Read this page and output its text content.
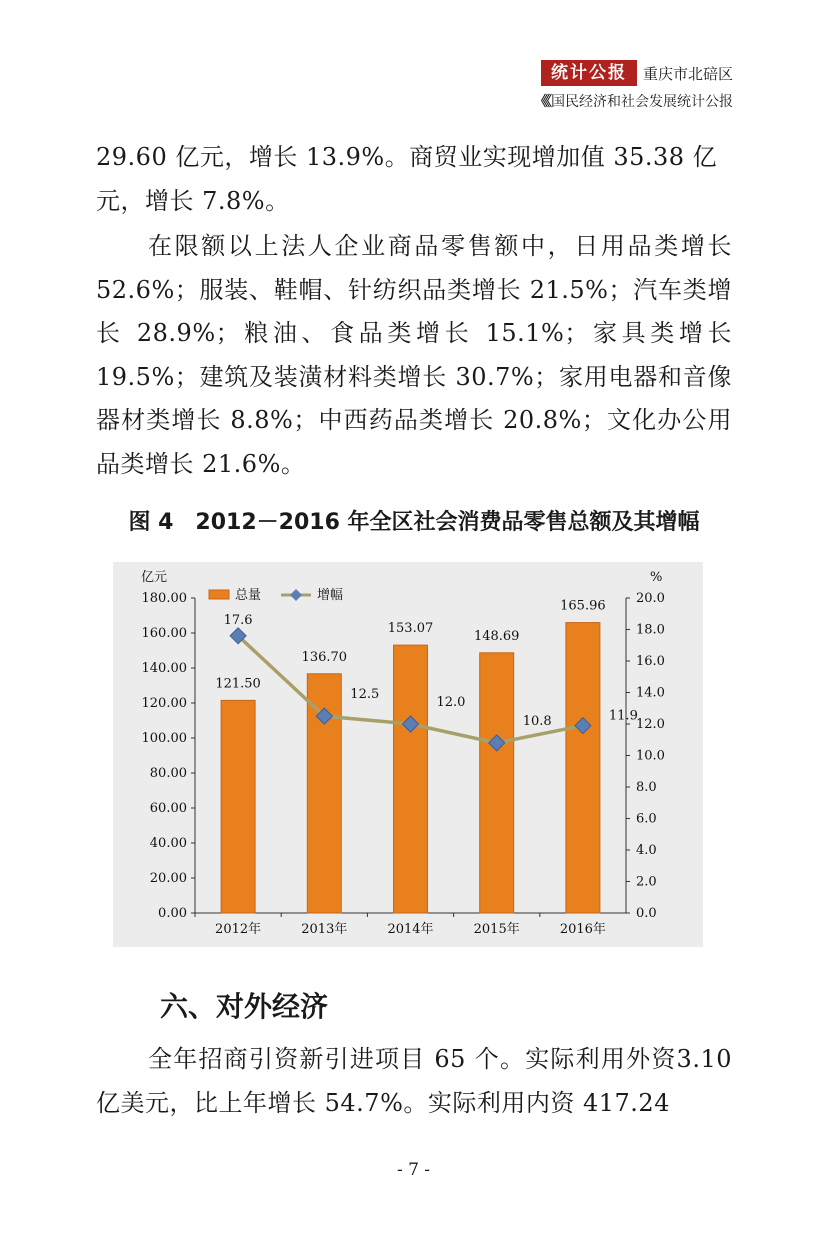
统计公报	重庆市北碚区
《《 国民经济和社会发展统计公报
29.60 亿元，增长 13.9%。商贸业实现增加值 35.38 亿元，增长 7.8%。
在限额以上法人企业商品零售额中，日用品类增长52.6%；服装、鞋帽、针纺织品类增长 21.5%；汽车类增长 28.9%；粮油、食品类增长 15.1%；家具类增长 19.5%；建筑及装潢材料类增长 30.7%；家用电器和音像器材类增长 8.8%；中西药品类增长 20.8%；文化办公用品类增长 21.6%。
图 4　2012－2016 年全区社会消费品零售总额及其增幅
0.00
20.00
40.00
60.00
80.00
100.00
120.00
140.00
160.00
180.00
0.0
2.0
4.0
6.0
8.0
10.0
12.0
14.0
16.0
18.0
20.0
亿元	%
2012年	2013年	2014年	2015年	2016年
121.50
136.70
153.07
148.69
165.96
17.6
12.5
12.0
10.8	11.9
总量	增幅
六、对外经济
全年招商引资新引进项目 65 个。实际利用外资3.10 亿美元，比上年增长 54.7%。实际利用内资 417.24
- 7 -
